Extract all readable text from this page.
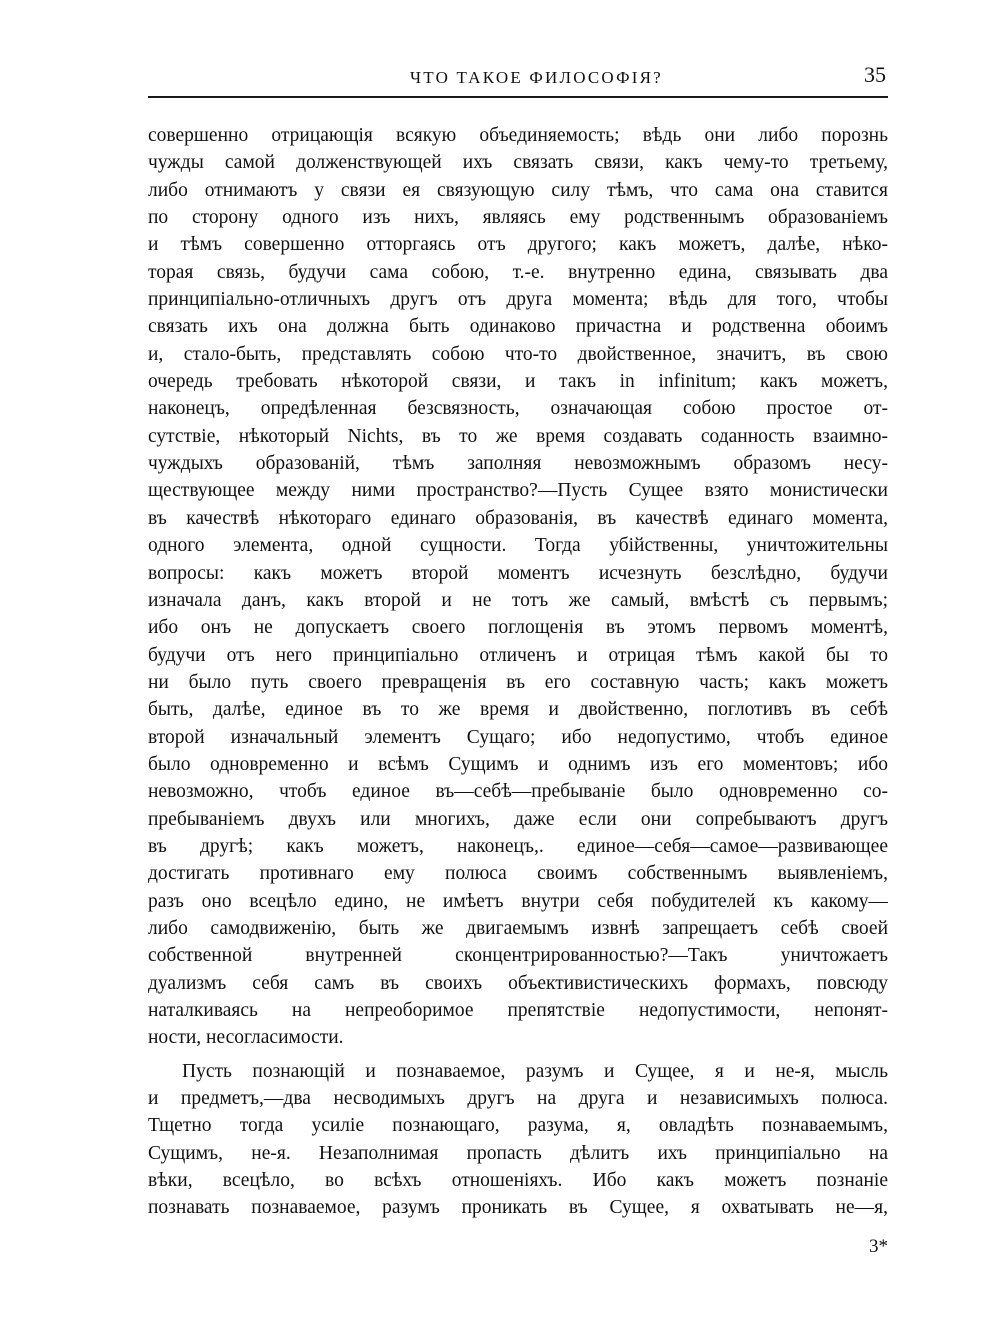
ЧТО ТАКОЕ ФИЛОСОФІЯ?	35
совершенно отрицающія всякую объединяемость; вѣдь они либо порознь
чужды самой долженствующей ихъ связать связи, какъ чему-то третьему,
либо отнимаютъ у связи ея связующую силу тѣмъ, что сама она ставится
по сторону одного изъ нихъ, являясь ему родственнымъ образованіемъ
и тѣмъ совершенно отторгаясь отъ другого; какъ можетъ, далѣе, нѣко-
торая связь, будучи сама собою, т.-е. внутренно едина, связывать два
принципіально-отличныхъ другъ отъ друга момента; вѣдь для того, чтобы
связать ихъ она должна быть одинаково причастна и родственна обоимъ
и, стало-быть, представлять собою что-то двойственное, значитъ, въ свою
очередь требовать нѣкоторой связи, и такъ in infinitum; какъ можетъ,
наконецъ, опредѣленная безсвязность, означающая собою простое от-
сутствіе, нѣкоторый Nichts, въ то же время создавать соданность взаимно-
чуждыхъ образованій, тѣмъ заполняя невозможнымъ образомъ несу-
ществующее между ними пространство?—Пусть Сущее взято монистически
въ качествѣ нѣкотораго единаго образованія, въ качествѣ единаго момента,
одного элемента, одной сущности. Тогда убійственны, уничтожительны
вопросы: какъ можетъ второй моментъ исчезнуть безслѣдно, будучи
изначала данъ, какъ второй и не тотъ же самый, вмѣстѣ съ первымъ;
ибо онъ не допускаетъ своего поглощенія въ этомъ первомъ моментѣ,
будучи отъ него принципіально отличенъ и отрицая тѣмъ какой бы то
ни было путь своего превращенія въ его составную часть; какъ можетъ
быть, далѣе, единое въ то же время и двойственно, поглотивъ въ себѣ
второй изначальный элементъ Сущаго; ибо недопустимо, чтобъ единое
было одновременно и всѣмъ Сущимъ и однимъ изъ его моментовъ; ибо
невозможно, чтобъ единое въ—себѣ—пребываніе было одновременно со-
пребываніемъ двухъ или многихъ, даже если они сопребываютъ другъ
въ другѣ; какъ можетъ, наконецъ,. единое—себя—самое—развивающее
достигать противнаго ему полюса своимъ собственнымъ выявленіемъ,
разъ оно всецѣло едино, не имѣетъ внутри себя побудителей къ какому—
либо самодвиженію, быть же двигаемымъ извнѣ запрещаетъ себѣ своей
собственной внутренней сконцентрированностью?—Такъ уничтожаетъ
дуализмъ себя самъ въ своихъ объективистическихъ формахъ, повсюду
наталкиваясь на непреоборимое препятствіе недопустимости, непонят-
ности, несогласимости.
Пусть познающій и познаваемое, разумъ и Сущее, я и не-я, мысль
и предметъ,—два несводимыхъ другъ на друга и независимыхъ полюса.
Тщетно тогда усиліе познающаго, разума, я, овладѣть познаваемымъ,
Сущимъ, не-я. Незаполнимая пропасть дѣлитъ ихъ принципіально на
вѣки, всецѣло, во всѣхъ отношеніяхъ. Ибо какъ можетъ познаніе
познавать познаваемое, разумъ проникать въ Сущее, я охватывать не—я,
3*
